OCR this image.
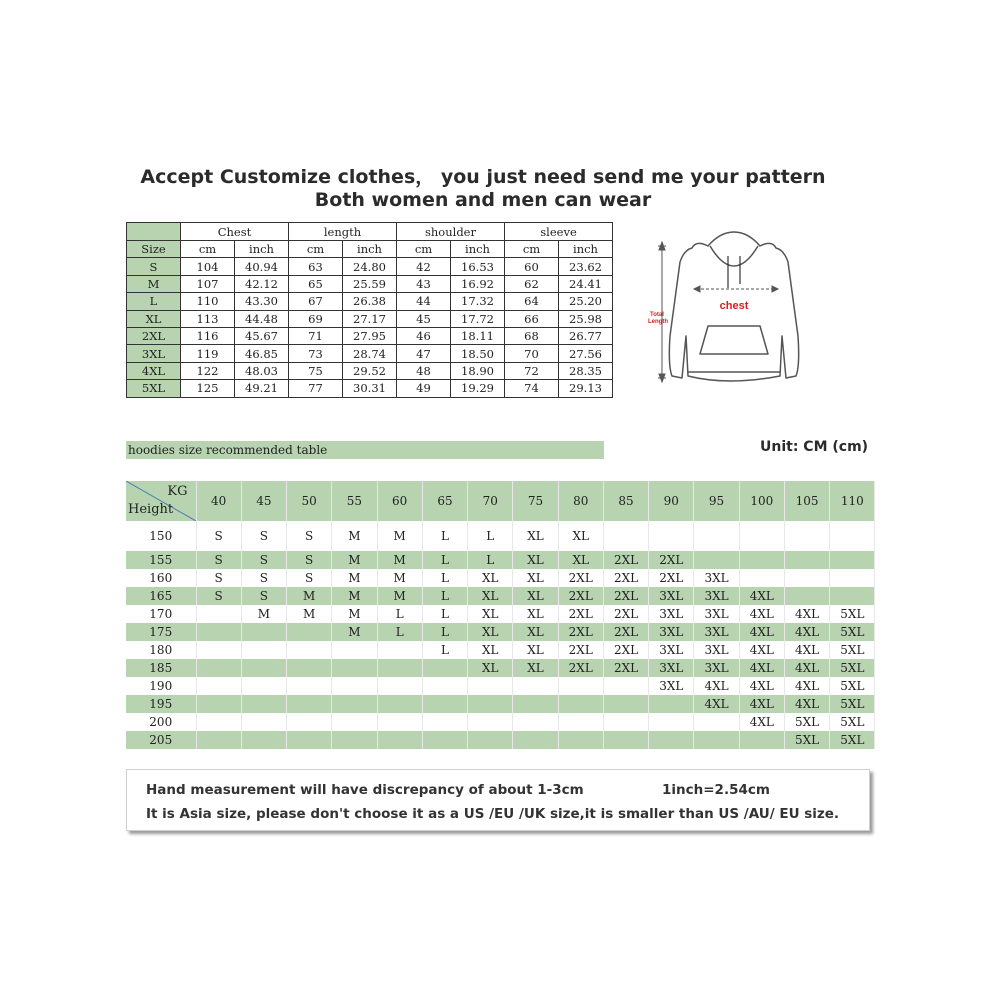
Accept Customize clothes， you just need send me your pattern
Both women and men can wear
	Chest		length		shoulder		sleeve	
Size	cm	inch	cm	inch	cm	inch	cm	inch
S	104	40.94	63	24.80	42	16.53	60	23.62
M	107	42.12	65	25.59	43	16.92	62	24.41
L	110	43.30	67	26.38	44	17.32	64	25.20
XL	113	44.48	69	27.17	45	17.72	66	25.98
2XL	116	45.67	71	27.95	46	18.11	68	26.77
3XL	119	46.85	73	28.74	47	18.50	70	27.56
4XL	122	48.03	75	29.52	48	18.90	72	28.35
5XL	125	49.21	77	30.31	49	19.29	74	29.13
chest
Total
Length
hoodies size recommended table	Unit: CM (cm)
KG
Height	40	45	50	55	60	65	70	75	80	85	90	95	100	105	110
150	S	S	S	M	M	L	L	XL	XL						
155	S	S	S	M	M	L	L	XL	XL	2XL	2XL				
160	S	S	S	M	M	L	XL	XL	2XL	2XL	2XL	3XL			
165	S	S	M	M	M	L	XL	XL	2XL	2XL	3XL	3XL	4XL		
170		M	M	M	L	L	XL	XL	2XL	2XL	3XL	3XL	4XL	4XL	5XL
175				M	L	L	XL	XL	2XL	2XL	3XL	3XL	4XL	4XL	5XL
180						L	XL	XL	2XL	2XL	3XL	3XL	4XL	4XL	5XL
185							XL	XL	2XL	2XL	3XL	3XL	4XL	4XL	5XL
190											3XL	4XL	4XL	4XL	5XL
195												4XL	4XL	4XL	5XL
200													4XL	5XL	5XL
205														5XL	5XL
Hand measurement will have discrepancy of about 1-3cm	1inch=2.54cm
It is Asia size, please don't choose it as a US /EU /UK size,it is smaller than US /AU/ EU size.
